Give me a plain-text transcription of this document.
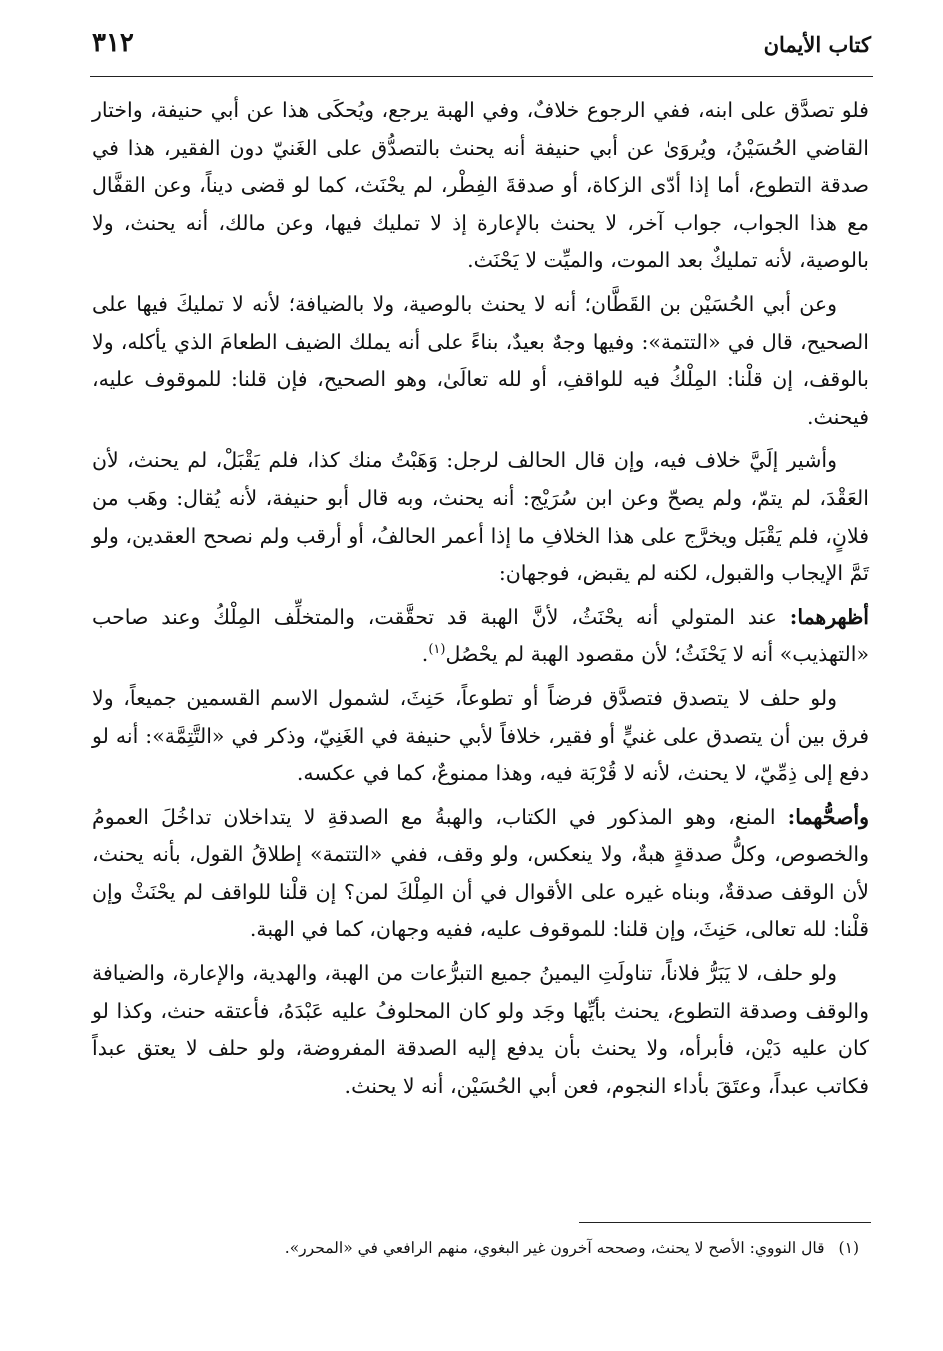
كتاب الأيمان
٣١٢

فلو تصدَّق على ابنه، ففي الرجوع خلافٌ، وفي الهبة يرجع، ويُحكَى هذا عن أبي حنيفة، واختار القاضي الحُسَيْنُ، ويُروَىٰ عن أبي حنيفة أنه يحنث بالتصدُّق على الغَنيّ دون الفقير، هذا في صدقة التطوع، أما إذا أدّى الزكاة، أو صدقةَ الفِطْر، لم يحْنَث، كما لو قضى ديناً، وعن القفَّال مع هذا الجواب، جواب آخر، لا يحنث بالإعارة إذ لا تمليك فيها، وعن مالك، أنه يحنث، ولا بالوصية، لأنه تمليكٌ بعد الموت، والميِّت لا يَحْنَث.

وعن أبي الحُسَيْن بن القَطَّان؛ أنه لا يحنث بالوصية، ولا بالضيافة؛ لأنه لا تمليكَ فيها على الصحيح، قال في «التتمة»: وفيها وجهٌ بعيدٌ، بناءً على أنه يملك الضيف الطعامَ الذي يأكله، ولا بالوقف، إن قلْنا: المِلْكُ فيه للواقفِ، أو لله تعالَىٰ، وهو الصحيح، فإن قلنا: للموقوف عليه، فيحنث.

وأشير إلَيَّ خلاف فيه، وإن قال الحالف لرجل: وَهَبْتُ منك كذا، فلم يَقْبَلْ، لم يحنث، لأن العَقْدَ، لم يتمّ، ولم يصحّ وعن ابن سُرَيْج: أنه يحنث، وبه قال أبو حنيفة، لأنه يُقال: وهَب من فلانٍ، فلم يَقْبَل ويخرَّج على هذا الخلافِ ما إذا أعمر الحالفُ، أو أرقب ولم نصحح العقدين، ولو تَمَّ الإيجاب والقبول، لكنه لم يقبض، فوجهان:

أظهرهما: عند المتولي أنه يحْنَثُ، لأنَّ الهبة قد تحقَّقت، والمتخلِّف المِلْكُ وعند صاحب «التهذيب» أنه لا يَحْنَثُ؛ لأن مقصود الهبة لم يحْصُل$^{(١)}$.

ولو حلف لا يتصدق فتصدَّق فرضاً أو تطوعاً، حَنِثَ، لشمول الاسم القسمين جميعاً، ولا فرق بين أن يتصدق على غنيٍّ أو فقير، خلافاً لأبي حنيفة في الغَنِيّ، وذكر في «التَّتِمَّة»: أنه لو دفع إلى ذِمِّيّ، لا يحنث، لأنه لا قُرْبَة فيه، وهذا ممنوعٌ، كما في عكسه.

وأصحُّهما: المنع، وهو المذكور في الكتاب، والهبةُ مع الصدقةِ لا يتداخلان تداخُلَ العمومُ والخصوص، وكلُّ صدقةٍ هبةٌ، ولا ينعكس، ولو وقف، ففي «التتمة» إطلاقُ القول، بأنه يحنث، لأن الوقف صدقةٌ، وبناه غيره على الأقوال في أن المِلْكَ لمن؟ إن قلْنا للواقف لم يحْنَثْ وإن قلْنا: لله تعالى، حَنِثَ، وإن قلنا: للموقوف عليه، ففيه وجهان، كما في الهبة.

ولو حلف، لا يَبَرُّ فلاناً، تناولَتِ اليمينُ جميع التبرُّعات من الهبة، والهدية، والإعارة، والضيافة والوقف وصدقة التطوع، يحنث بأيِّها وجَد ولو كان المحلوفُ عليه عَبْدَهُ، فأعتقه حنث، وكذا لو كان عليه دَيْن، فأبرأه، ولا يحنث بأن يدفع إليه الصدقة المفروضة، ولو حلف لا يعتق عبداً فكاتب عبداً، وعتَقَ بأداء النجوم، فعن أبي الحُسَيْن، أنه لا يحنث.

(١)قال النووي: الأصح لا يحنث، وصححه آخرون غير البغوي، منهم الرافعي في «المحرر».
